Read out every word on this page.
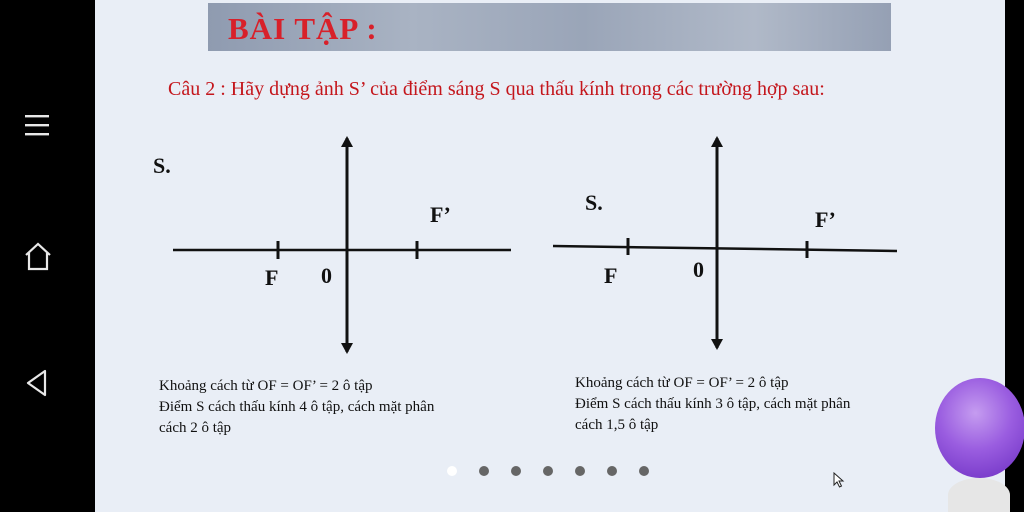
BÀI TẬP :
Câu 2 : Hãy dựng ảnh S’ của điểm sáng S qua thấu kính trong các trường hợp sau:
S.
F’
F 0
S.
F’
F	0
Khoảng cách từ OF = OF’ = 2 ô tập
Điểm S cách thấu kính 4 ô tập, cách mặt phân
cách 2 ô tập
Khoảng cách từ OF = OF’ = 2 ô tập
Điểm S cách thấu kính 3 ô tập, cách mặt phân
cách 1,5 ô tập
